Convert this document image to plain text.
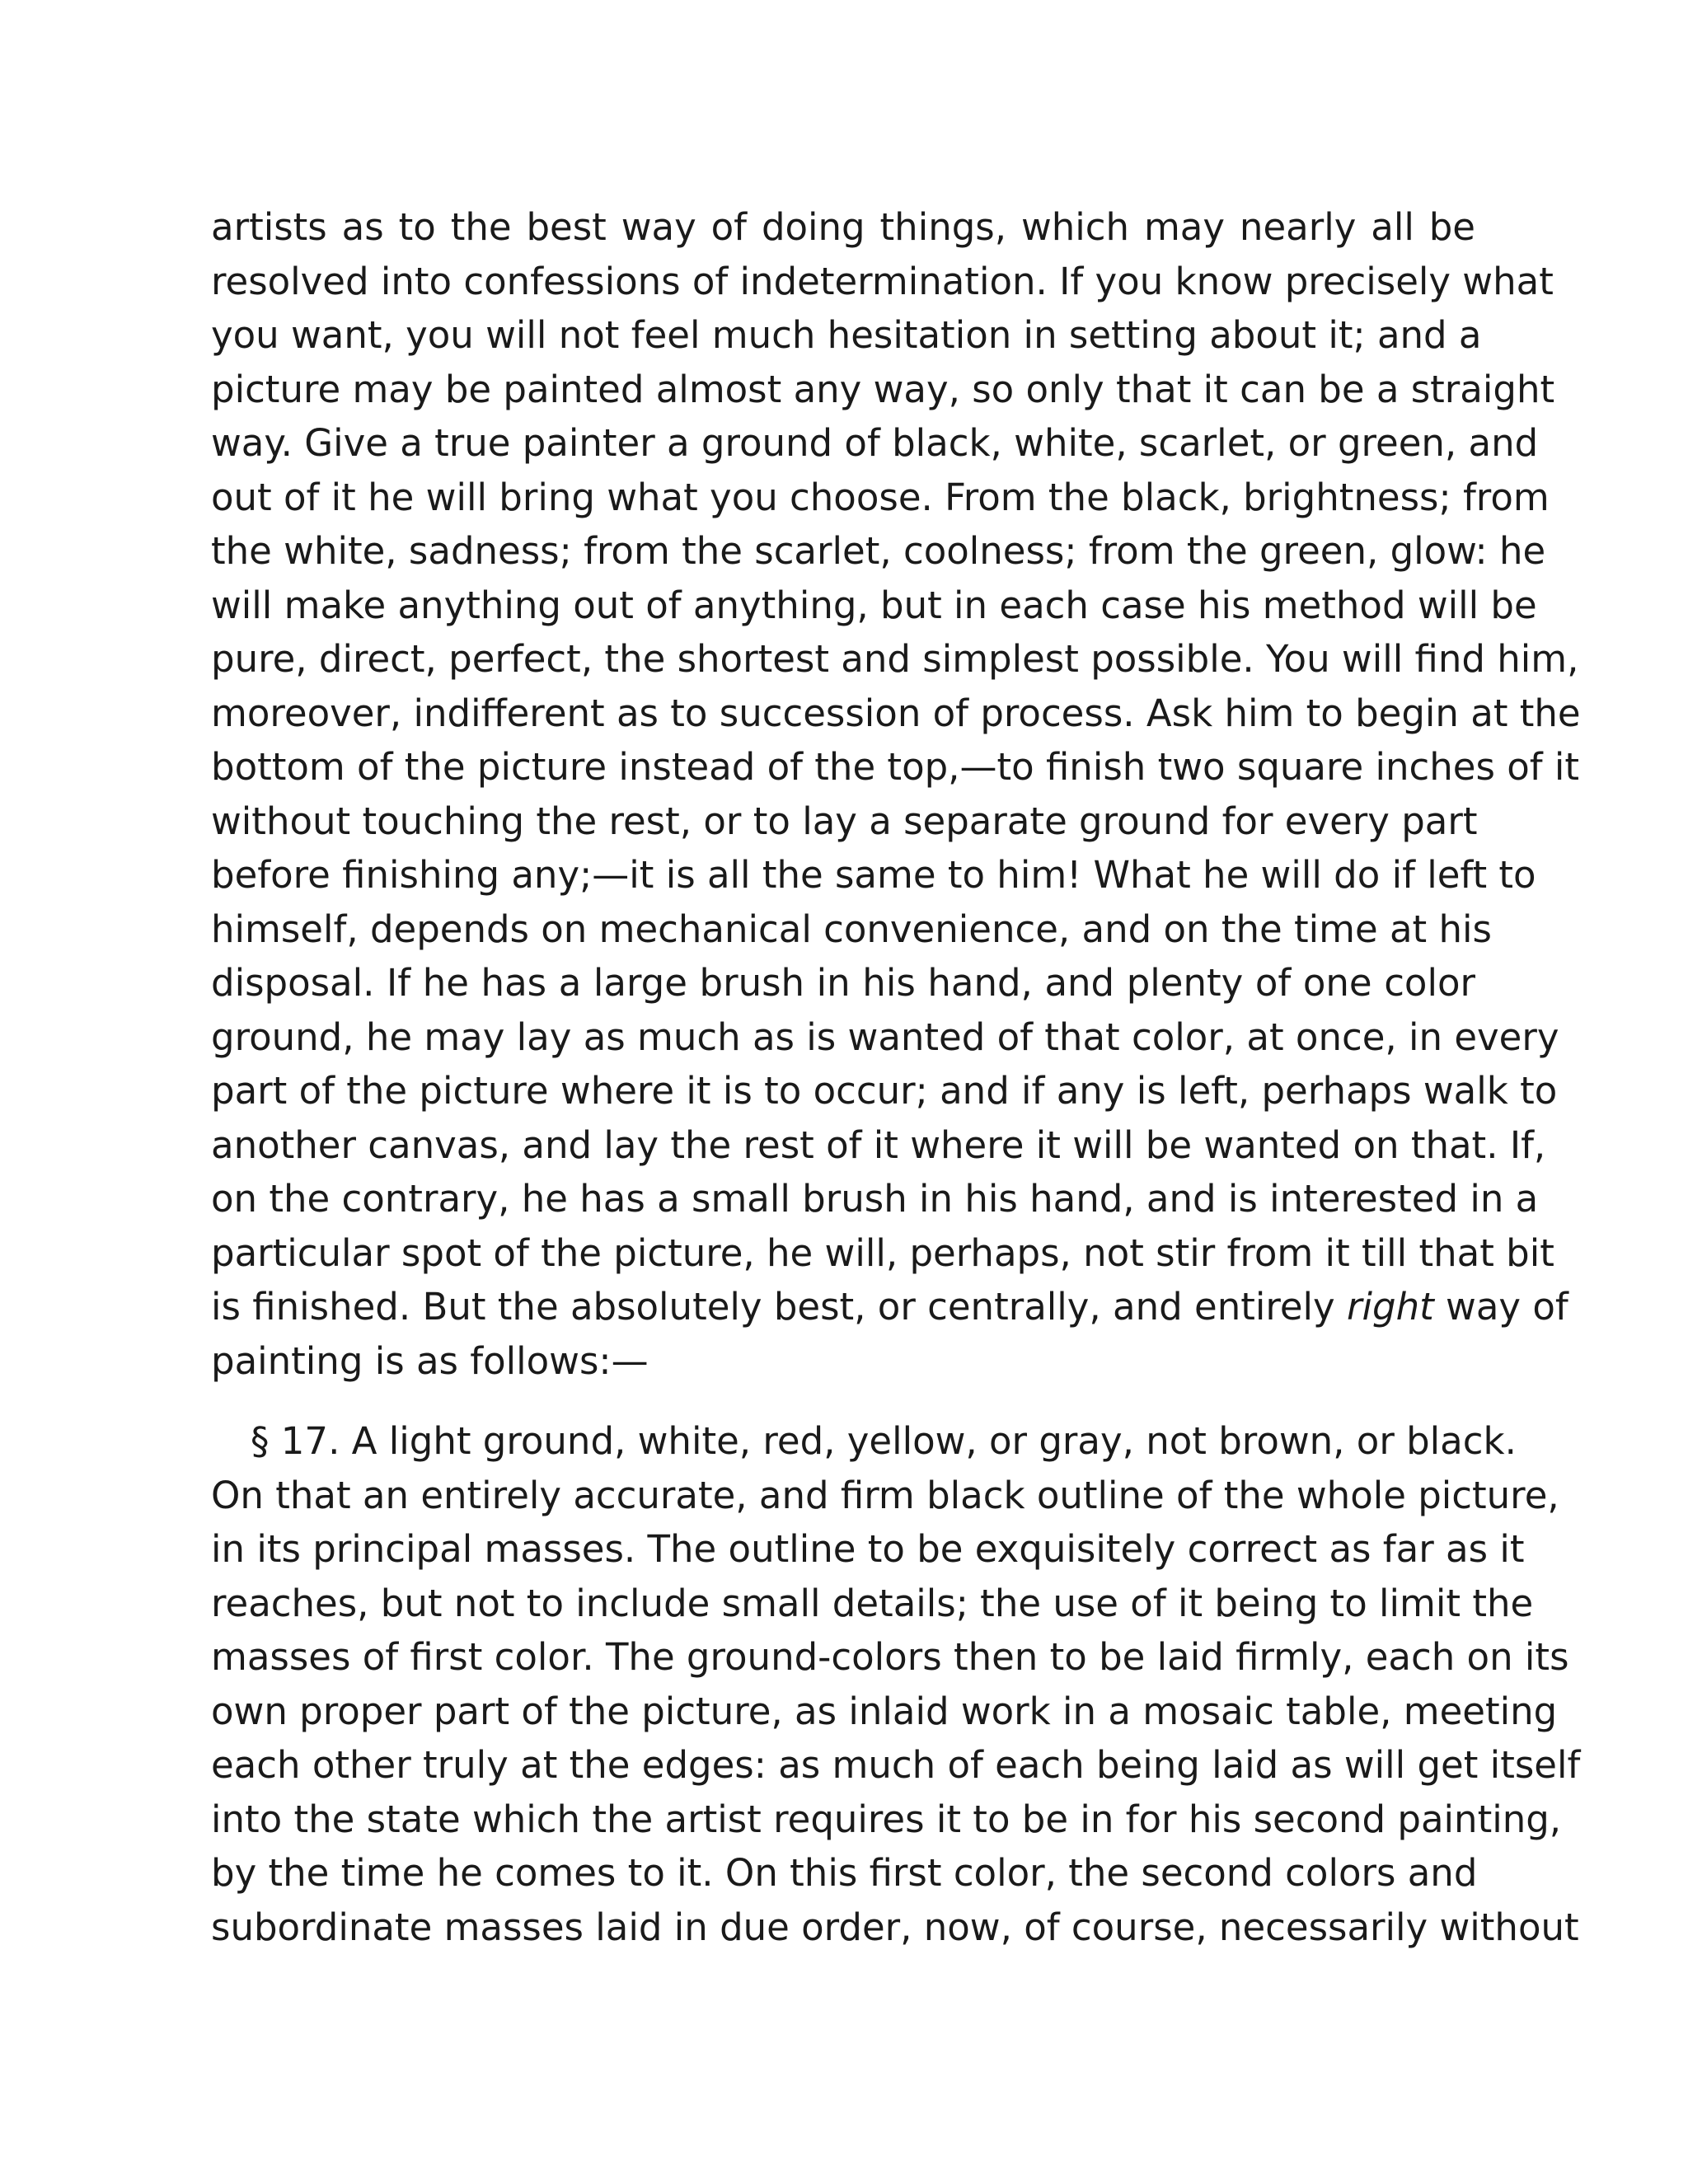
artists as to the best way of doing things, which may nearly all be
resolved into confessions of indetermination. If you know precisely what
you want, you will not feel much hesitation in setting about it; and a
picture may be painted almost any way, so only that it can be a straight
way. Give a true painter a ground of black, white, scarlet, or green, and
out of it he will bring what you choose. From the black, brightness; from
the white, sadness; from the scarlet, coolness; from the green, glow: he
will make anything out of anything, but in each case his method will be
pure, direct, perfect, the shortest and simplest possible. You will find him,
moreover, indifferent as to succession of process. Ask him to begin at the
bottom of the picture instead of the top,—to finish two square inches of it
without touching the rest, or to lay a separate ground for every part
before finishing any;—it is all the same to him! What he will do if left to
himself, depends on mechanical convenience, and on the time at his
disposal. If he has a large brush in his hand, and plenty of one color
ground, he may lay as much as is wanted of that color, at once, in every
part of the picture where it is to occur; and if any is left, perhaps walk to
another canvas, and lay the rest of it where it will be wanted on that. If,
on the contrary, he has a small brush in his hand, and is interested in a
particular spot of the picture, he will, perhaps, not stir from it till that bit
is finished. But the absolutely best, or centrally, and entirely right way of
painting is as follows:—
§ 17. A light ground, white, red, yellow, or gray, not brown, or black.
On that an entirely accurate, and firm black outline of the whole picture,
in its principal masses. The outline to be exquisitely correct as far as it
reaches, but not to include small details; the use of it being to limit the
masses of first color. The ground-colors then to be laid firmly, each on its
own proper part of the picture, as inlaid work in a mosaic table, meeting
each other truly at the edges: as much of each being laid as will get itself
into the state which the artist requires it to be in for his second painting,
by the time he comes to it. On this first color, the second colors and
subordinate masses laid in due order, now, of course, necessarily without
